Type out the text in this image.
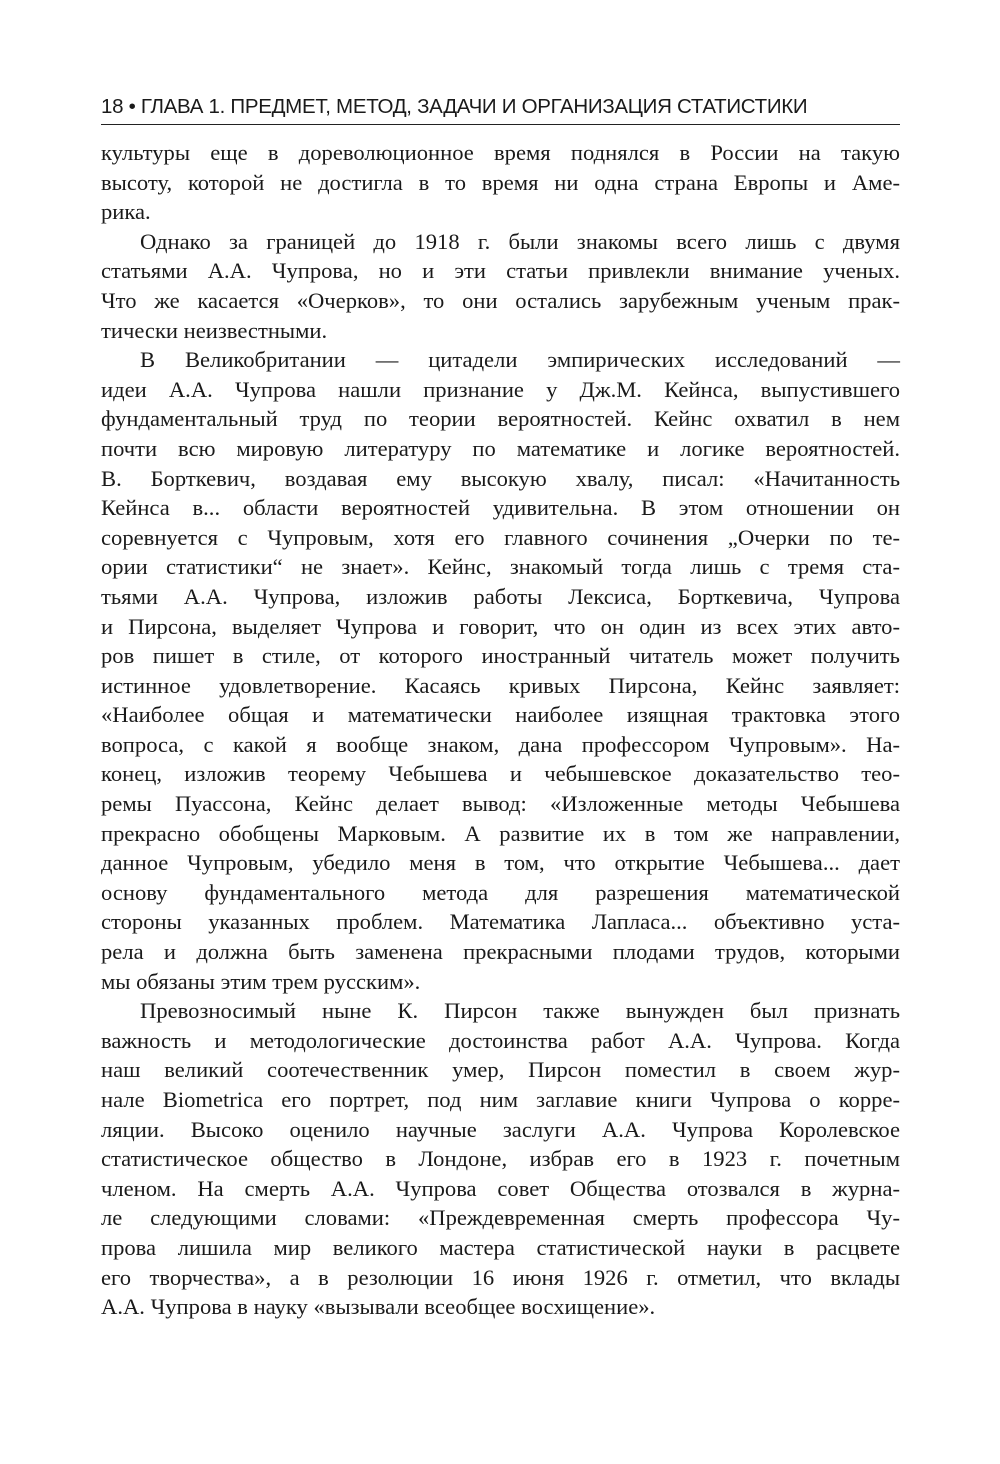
18 • ГЛАВА 1. ПРЕДМЕТ, МЕТОД, ЗАДАЧИ И ОРГАНИЗАЦИЯ СТАТИСТИКИ

культуры еще в дореволюционное время поднялся в России на такую

высоту, которой не достигла в то время ни одна страна Европы и Аме-

рика.

Однако за границей до 1918 г. были знакомы всего лишь с двумя

статьями А.А. Чупрова, но и эти статьи привлекли внимание ученых.

Что же касается «Очерков», то они остались зарубежным ученым прак-

тически неизвестными.

В Великобритании — цитадели эмпирических исследований —

идеи А.А. Чупрова нашли признание у Дж.М. Кейнса, выпустившего

фундаментальный труд по теории вероятностей. Кейнс охватил в нем

почти всю мировую литературу по математике и логике вероятностей.

В. Борткевич, воздавая ему высокую хвалу, писал: «Начитанность

Кейнса в... области вероятностей удивительна. В этом отношении он

соревнуется с Чупровым, хотя его главного сочинения „Очерки по те-

ории статистики“ не знает». Кейнс, знакомый тогда лишь с тремя ста-

тьями А.А. Чупрова, изложив работы Лексиса, Борткевича, Чупрова

и Пирсона, выделяет Чупрова и говорит, что он один из всех этих авто-

ров пишет в стиле, от которого иностранный читатель может получить

истинное удовлетворение. Касаясь кривых Пирсона, Кейнс заявляет:

«Наиболее общая и математически наиболее изящная трактовка этого

вопроса, с какой я вообще знаком, дана профессором Чупровым». На-

конец, изложив теорему Чебышева и чебышевское доказательство тео-

ремы Пуассона, Кейнс делает вывод: «Изложенные методы Чебышева

прекрасно обобщены Марковым. А развитие их в том же направлении,

данное Чупровым, убедило меня в том, что открытие Чебышева... дает

основу фундаментального метода для разрешения математической

стороны указанных проблем. Математика Лапласа... объективно уста-

рела и должна быть заменена прекрасными плодами трудов, которыми

мы обязаны этим трем русским».

Превозносимый ныне К. Пирсон также вынужден был признать

важность и методологические достоинства работ А.А. Чупрова. Когда

наш великий соотечественник умер, Пирсон поместил в своем жур-

нале Biometrica его портрет, под ним заглавие книги Чупрова о корре-

ляции. Высоко оценило научные заслуги А.А. Чупрова Королевское

статистическое общество в Лондоне, избрав его в 1923 г. почетным

членом. На смерть А.А. Чупрова совет Общества отозвался в журна-

ле следующими словами: «Преждевременная смерть профессора Чу-

прова лишила мир великого мастера статистической науки в расцвете

его творчества», а в резолюции 16 июня 1926 г. отметил, что вклады

А.А. Чупрова в науку «вызывали всеобщее восхищение».
